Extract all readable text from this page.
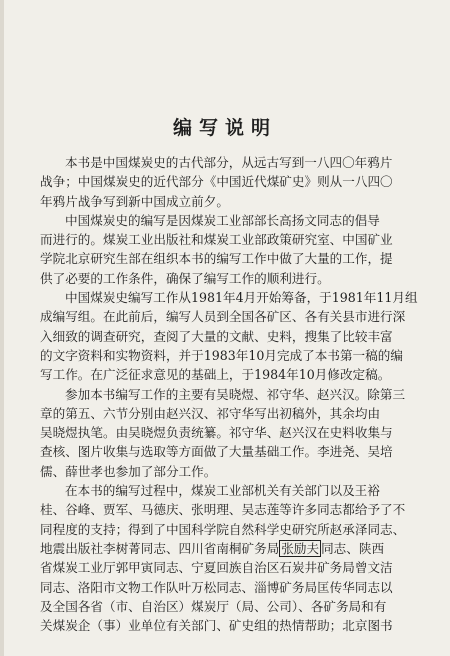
编写说明

本书是中国煤炭史的古代部分，从远古写到一八四〇年鸦片
战争；中国煤炭史的近代部分《中国近代煤矿史》则从一八四〇
年鸦片战争写到新中国成立前夕。

中国煤炭史的编写是因煤炭工业部部长高扬文同志的倡导
而进行的。煤炭工业出版社和煤炭工业部政策研究室、中国矿业
学院北京研究生部在组织本书的编写工作中做了大量的工作，提
供了必要的工作条件，确保了编写工作的顺利进行。

中国煤炭史编写工作从1981年4月开始筹备，于1981年11月组
成编写组。在此前后，编写人员到全国各矿区、各有关县市进行深
入细致的调查研究，查阅了大量的文献、史料，搜集了比较丰富
的文字资料和实物资料，并于1983年10月完成了本书第一稿的编
写工作。在广泛征求意见的基础上，于1984年10月修改定稿。

参加本书编写工作的主要有吴晓煜、祁守华、赵兴汉。除第三
章的第五、六节分别由赵兴汉、祁守华写出初稿外，其余均由
吴晓煜执笔。由吴晓煜负责统纂。祁守华、赵兴汉在史料收集与
查核、图片收集与选取等方面做了大量基础工作。李进尧、吴培
儒、薛世孝也参加了部分工作。

在本书的编写过程中，煤炭工业部机关有关部门以及王裕
桂、谷峰、贾军、马德庆、张明理、吴志莲等许多同志都给予了不
同程度的支持；得到了中国科学院自然科学史研究所赵承泽同志、
地震出版社李树菁同志、四川省南桐矿务局 张励夫 同志、陕西
省煤炭工业厅郭甲寅同志、宁夏回族自治区石炭井矿务局曾文洁
同志、洛阳市文物工作队叶万松同志、淄博矿务局匡传华同志以
及全国各省（市、自治区）煤炭厅（局、公司）、各矿务局和有
关煤炭企（事）业单位有关部门、矿史组的热情帮助；北京图书
